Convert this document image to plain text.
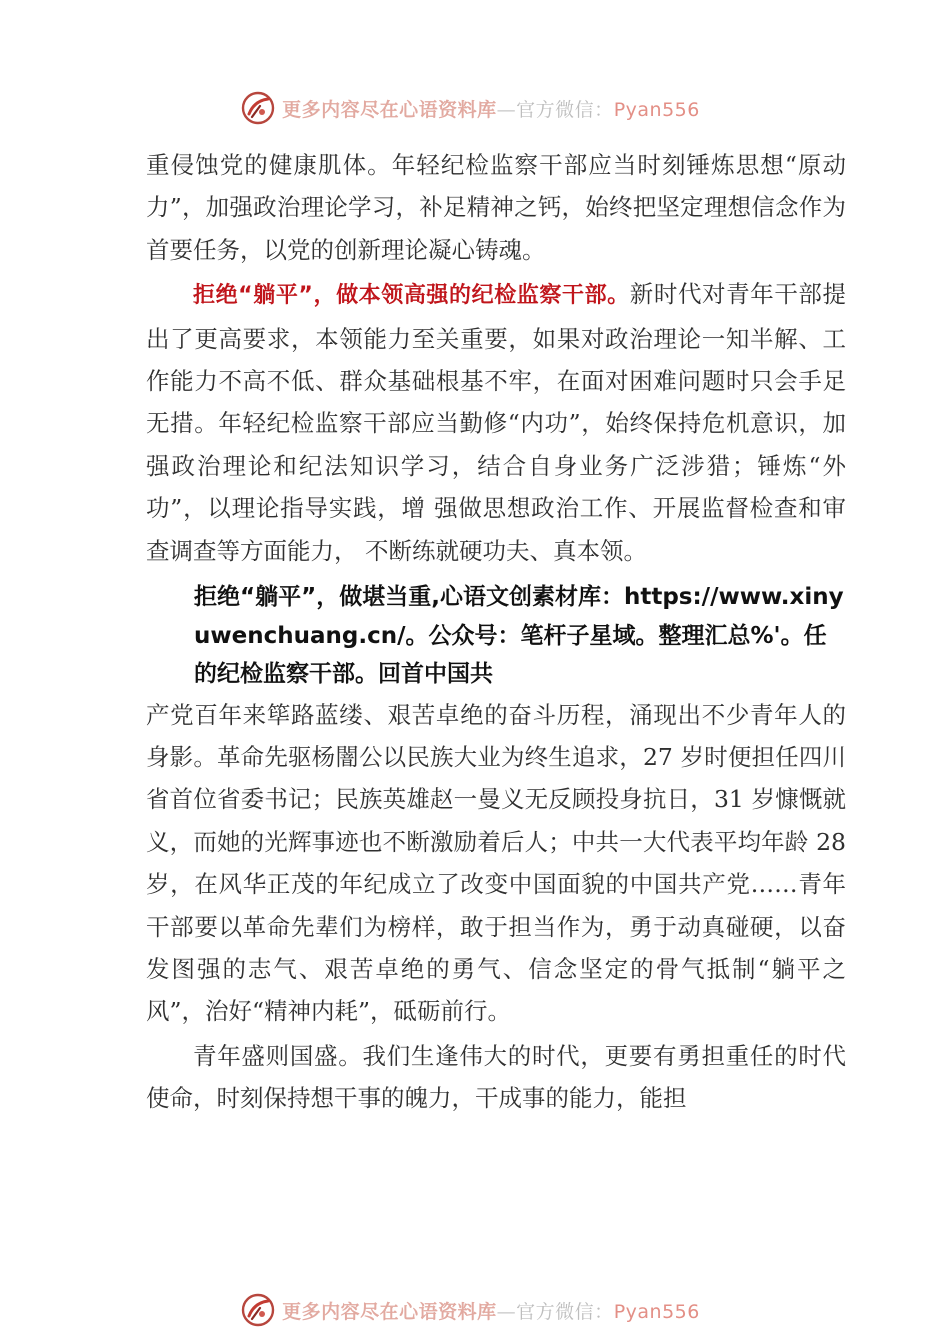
更多内容尽在心语资料库—官方微信：Pyan556

重侵蚀党的健康肌体。年轻纪检监察干部应当时刻锤炼思想“原动力”，加强政治理论学习，补足精神之钙，始终把坚定理想信念作为首要任务，以党的创新理论凝心铸魂。

拒绝“躺平”，做本领高强的纪检监察干部。新时代对青年干部提出了更高要求，本领能力至关重要，如果对政治理论一知半解、工作能力不高不低、群众基础根基不牢，在面对困难问题时只会手足无措。年轻纪检监察干部应当勤修“内功”，始终保持危机意识，加强政治理论和纪法知识学习，结合自身业务广泛涉猎；锤炼“外功”，以理论指导实践，增 强做思想政治工作、开展监督检查和审查调查等方面能力， 不断练就硬功夫、真本领。

拒绝“躺平”，做堪当重,心语文创素材库：https://www.xinyuwenchuang.cn/。公众号：笔杆子星域。整理汇总%'。任的纪检监察干部。回首中国共

产党百年来筚路蓝缕、艰苦卓绝的奋斗历程，涌现出不少青年人的身影。革命先驱杨闇公以民族大业为终生追求，27 岁时便担任四川省首位省委书记；民族英雄赵一曼义无反顾投身抗日，31 岁慷慨就义，而她的光辉事迹也不断激励着后人；中共一大代表平均年龄 28 岁，在风华正茂的年纪成立了改变中国面貌的中国共产党……青年干部要以革命先辈们为榜样，敢于担当作为，勇于动真碰硬，以奋发图强的志气、艰苦卓绝的勇气、信念坚定的骨气抵制“躺平之风”，治好“精神内耗”，砥砺前行。

青年盛则国盛。我们生逢伟大的时代，更要有勇担重任的时代使命，时刻保持想干事的魄力，干成事的能力，能担

更多内容尽在心语资料库—官方微信：Pyan556
